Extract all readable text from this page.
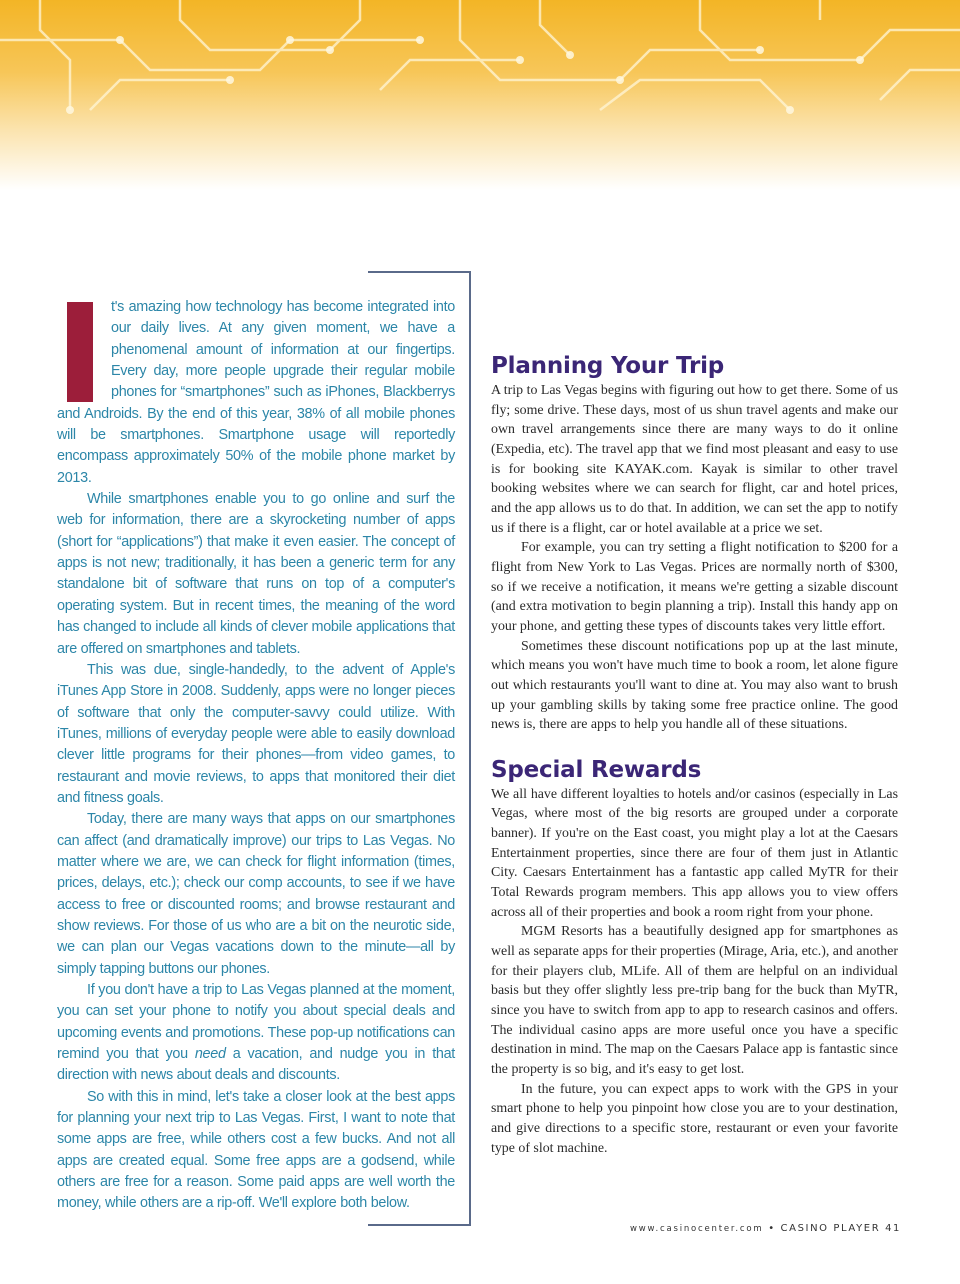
t's amazing how technology has become integrated into our daily lives. At any given moment, we have a phenomenal amount of information at our fingertips. Every day, more people upgrade their regular mobile phones for “smartphones” such as iPhones, Blackberrys and Androids. By the end of this year, 38% of all mobile phones will be smartphones. Smartphone usage will reportedly encompass approximately 50% of the mobile phone market by 2013.

While smartphones enable you to go online and surf the web for information, there are a skyrocketing number of apps (short for “applications”) that make it even easier. The concept of apps is not new; traditionally, it has been a generic term for any standalone bit of software that runs on top of a computer's operating system. But in recent times, the meaning of the word has changed to include all kinds of clever mobile applications that are offered on smartphones and tablets.

This was due, single-handedly, to the advent of Apple's iTunes App Store in 2008. Suddenly, apps were no longer pieces of software that only the computer-savvy could utilize. With iTunes, millions of everyday people were able to easily download clever little programs for their phones—from video games, to restaurant and movie reviews, to apps that monitored their diet and fitness goals.

Today, there are many ways that apps on our smartphones can affect (and dramatically improve) our trips to Las Vegas. No matter where we are, we can check for flight information (times, prices, delays, etc.); check our comp accounts, to see if we have access to free or discounted rooms; and browse restaurant and show reviews. For those of us who are a bit on the neurotic side, we can plan our Vegas vacations down to the minute—all by simply tapping buttons our phones.

If you don't have a trip to Las Vegas planned at the moment, you can set your phone to notify you about special deals and upcoming events and promotions. These pop-up notifications can remind you that you need a vacation, and nudge you in that direction with news about deals and discounts.

So with this in mind, let's take a closer look at the best apps for planning your next trip to Las Vegas. First, I want to note that some apps are free, while others cost a few bucks. And not all apps are created equal. Some free apps are a godsend, while others are free for a reason. Some paid apps are well worth the money, while others are a rip-off. We'll explore both below.

Planning Your Trip

A trip to Las Vegas begins with figuring out how to get there. Some of us fly; some drive. These days, most of us shun travel agents and make our own travel arrangements since there are many ways to do it online (Expedia, etc). The travel app that we find most pleasant and easy to use is for booking site KAYAK.com. Kayak is similar to other travel booking websites where we can search for flight, car and hotel prices, and the app allows us to do that. In addition, we can set the app to notify us if there is a flight, car or hotel available at a price we set.

For example, you can try setting a flight notification to $200 for a flight from New York to Las Vegas. Prices are normally north of $300, so if we receive a notification, it means we're getting a sizable discount (and extra motivation to begin planning a trip). Install this handy app on your phone, and getting these types of discounts takes very little effort.

Sometimes these discount notifications pop up at the last minute, which means you won't have much time to book a room, let alone figure out which restaurants you'll want to dine at. You may also want to brush up your gambling skills by taking some free practice online. The good news is, there are apps to help you handle all of these situations.

Special Rewards

We all have different loyalties to hotels and/or casinos (especially in Las Vegas, where most of the big resorts are grouped under a corporate banner). If you're on the East coast, you might play a lot at the Caesars Entertainment properties, since there are four of them just in Atlantic City. Caesars Entertainment has a fantastic app called MyTR for their Total Rewards program members. This app allows you to view offers across all of their properties and book a room right from your phone.

MGM Resorts has a beautifully designed app for smartphones as well as separate apps for their properties (Mirage, Aria, etc.), and another for their players club, MLife. All of them are helpful on an individual basis but they offer slightly less pre-trip bang for the buck than MyTR, since you have to switch from app to app to research casinos and offers. The individual casino apps are more useful once you have a specific destination in mind. The map on the Caesars Palace app is fantastic since the property is so big, and it's easy to get lost.

In the future, you can expect apps to work with the GPS in your smart phone to help you pinpoint how close you are to your destination, and give directions to a specific store, restaurant or even your favorite type of slot machine.

www.casinocenter.com • CASINO PLAYER 41
